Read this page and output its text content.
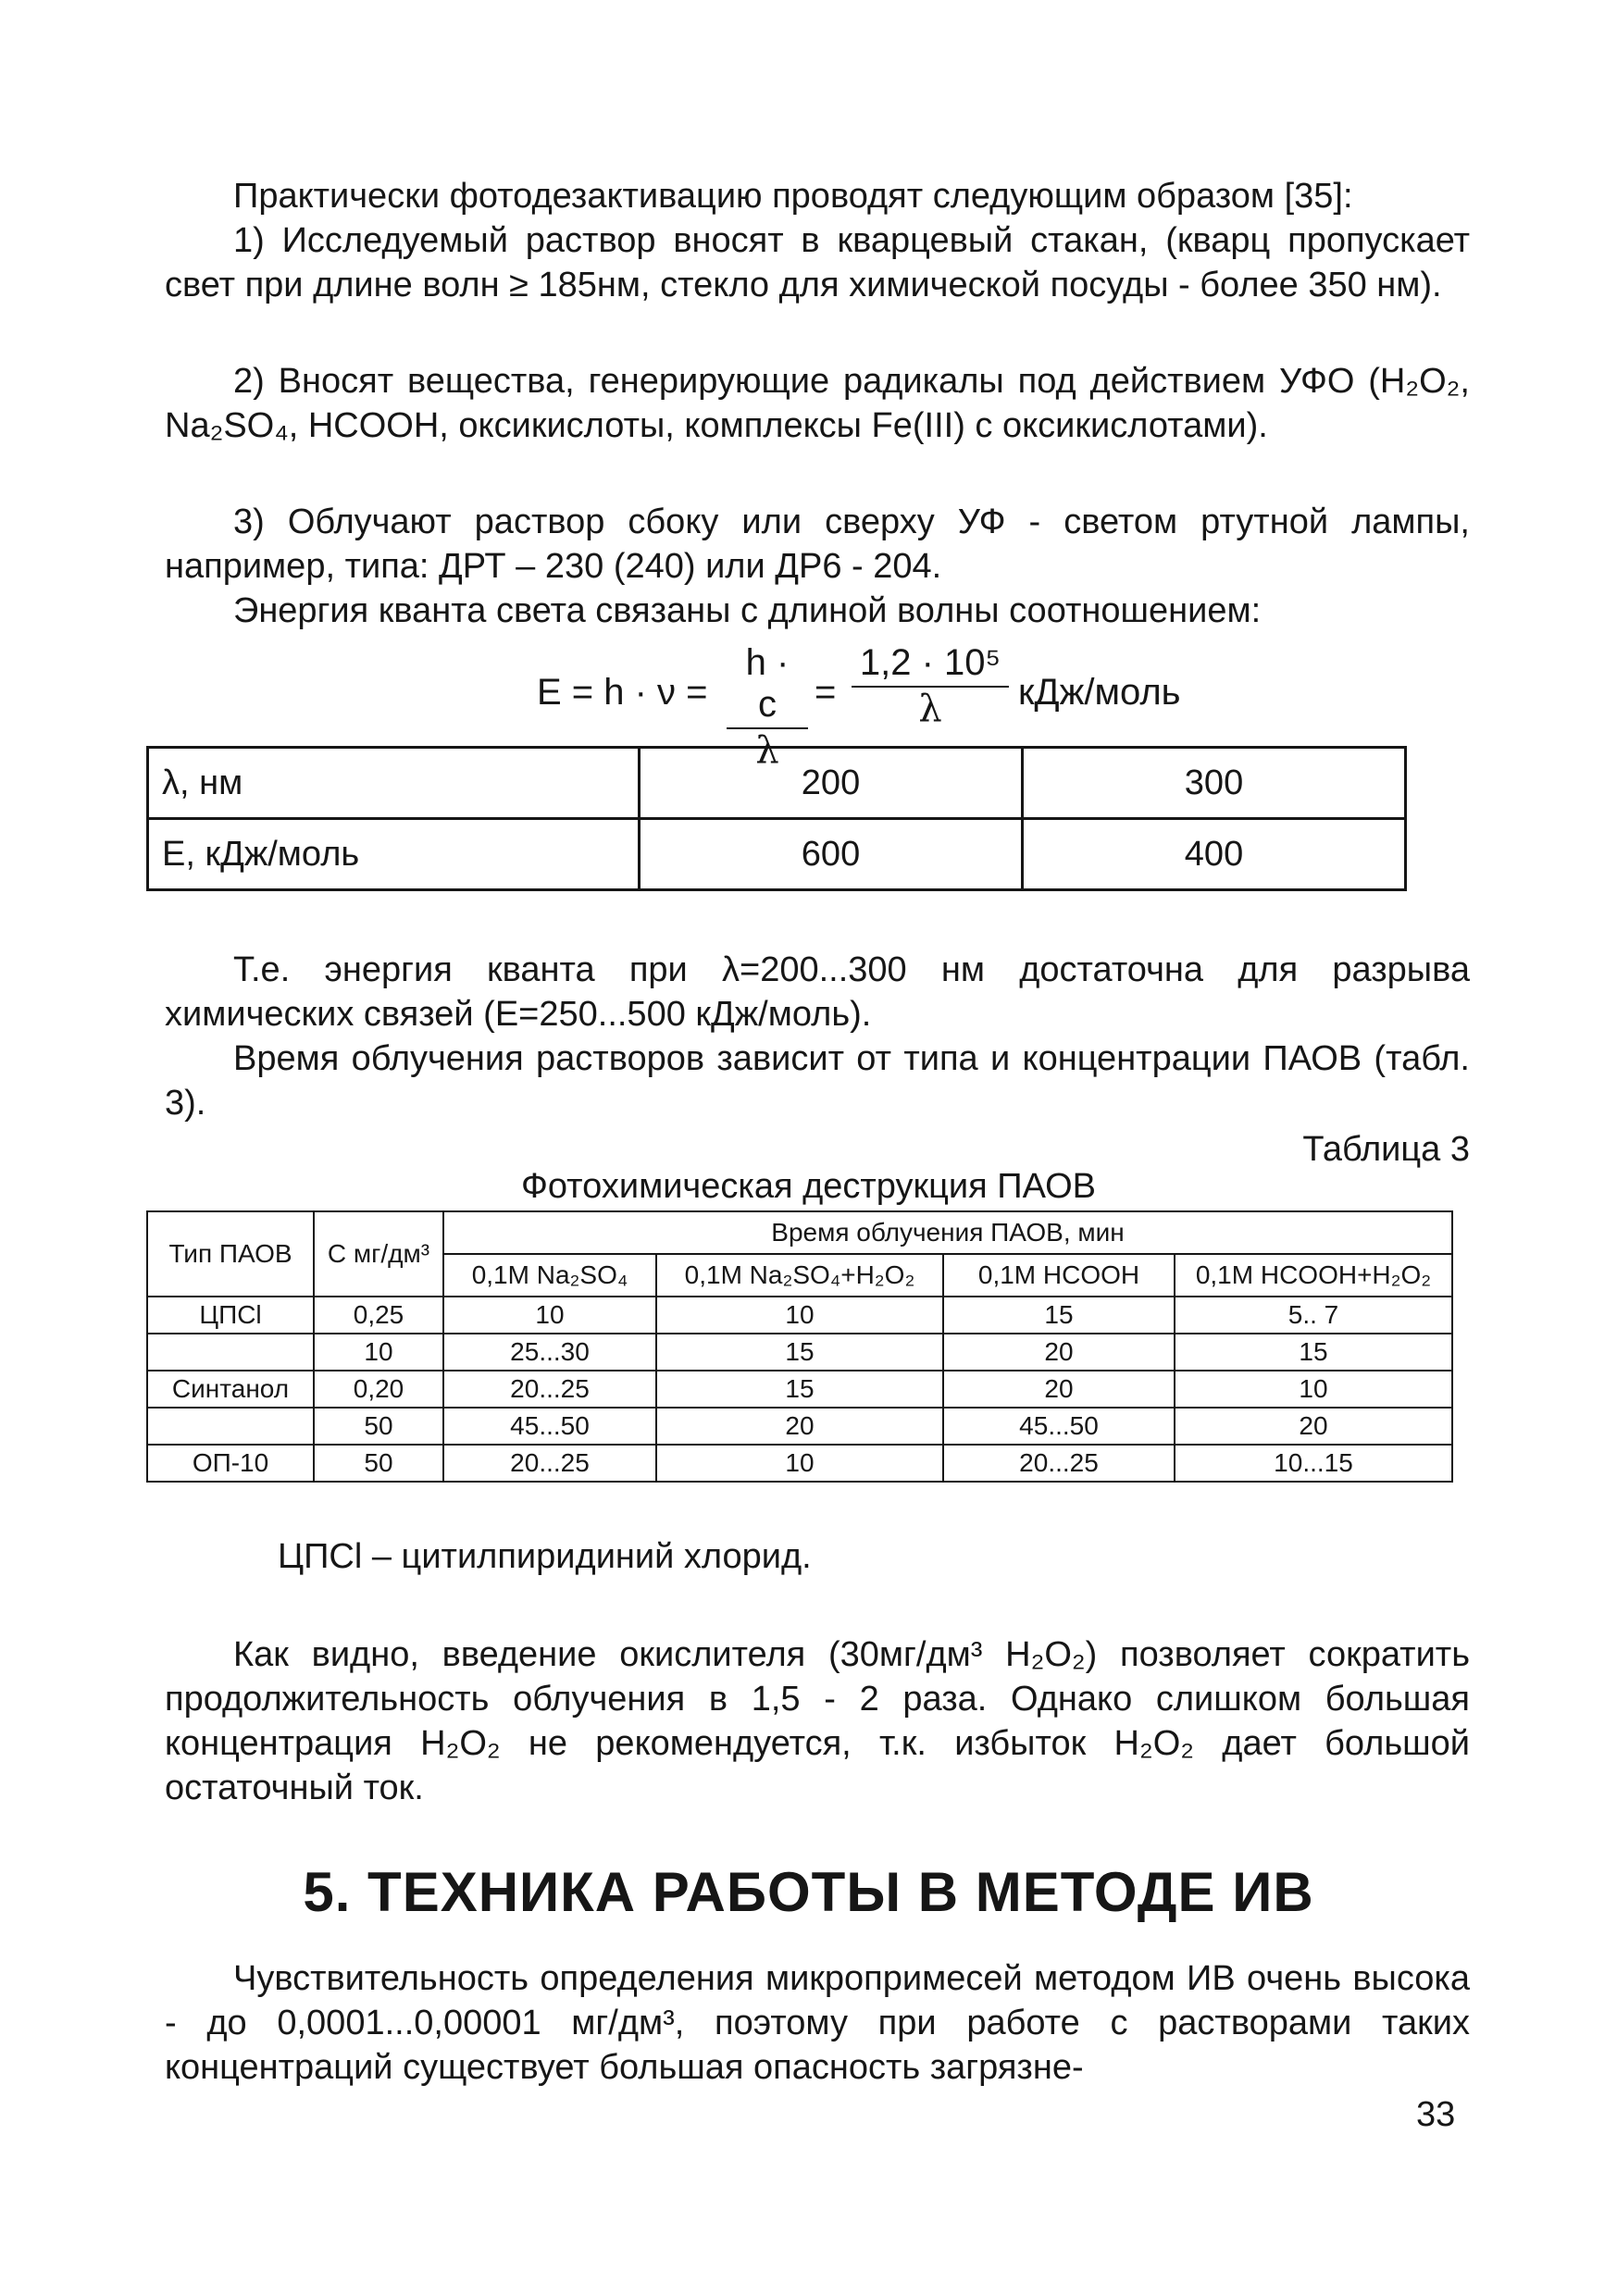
Практически фотодезактивацию проводят следующим образом [35]:

1) Исследуемый раствор вносят в кварцевый стакан, (кварц пропускает свет при длине волн ≥ 185нм, стекло для химической посуды - более 350 нм).

2) Вносят вещества, генерирующие радикалы под действием УФО (H₂O₂, Na₂SO₄, HCOOH, оксикислоты, комплексы Fe(III) с оксикислотами).

3) Облучают раствор сбоку или сверху УФ - светом ртутной лампы, например, типа: ДРТ – 230 (240) или ДР6 - 204.

Энергия кванта света связаны с длиной волны соотношением:

$E = h \cdot \nu = \frac{h \cdot c}{\lambda} = \frac{\text{1,2 · 10⁵}}{\lambda}$ кДж/моль
λ, нм	200	300
E, кДж/моль	600	400

Т.е. энергия кванта при λ=200...300 нм достаточна для разрыва химических связей (E=250...500 кДж/моль).

Время облучения растворов зависит от типа и концентрации ПАОВ (табл. 3).

Таблица 3
Фотохимическая деструкция ПАОВ
Тип ПАОВ	C мг/дм³	Время облучения ПАОВ, мин			
		0,1M Na₂SO₄	0,1M Na₂SO₄+H₂O₂	0,1M HCOOH	0,1M HCOOH+H₂O₂
ЦПСl	0,25	10	10	15	5.. 7
	10	25...30	15	20	15
Синтанол	0,20	20...25	15	20	10
	50	45...50	20	45...50	20
ОП-10	50	20...25	10	20...25	10...15
ЦПСl – цитилпиридиний хлорид.

Как видно, введение окислителя (30мг/дм³ H₂O₂) позволяет сократить продолжительность облучения в 1,5 - 2 раза. Однако слишком большая концентрация H₂O₂ не рекомендуется, т.к. избыток H₂O₂ дает большой остаточный ток.

5. ТЕХНИКА РАБОТЫ В МЕТОДЕ ИВ

Чувствительность определения микропримесей методом ИВ очень высока - до 0,0001...0,00001 мг/дм³, поэтому при работе с растворами таких концентраций существует большая опасность загрязне-

33
